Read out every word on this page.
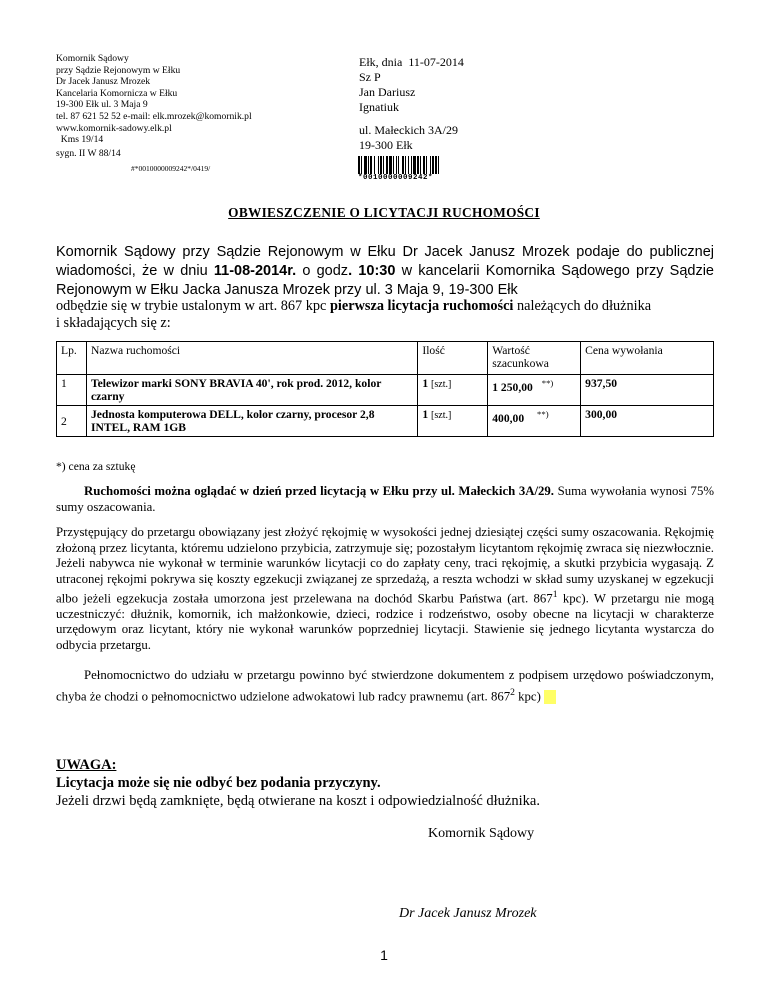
Komornik Sądowy
przy Sądzie Rejonowym w Ełku
Dr Jacek Janusz Mrozek
Kancelaria Komornicza w Ełku
19-300 Ełk ul. 3 Maja 9
tel. 87 621 52 52 e-mail: elk.mrozek@komornik.pl
www.komornik-sadowy.elk.pl
Kms 19/14
sygn. II W 88/14
#*0010000009242*/0419/
Ełk, dnia  11-07-2014
Sz P
Jan Dariusz
Ignatiuk
ul. Małeckich 3A/29
19-300 Ełk
*0010000009242*
OBWIESZCZENIE O LICYTACJI RUCHOMOŚCI
Komornik Sądowy przy Sądzie Rejonowym w Ełku Dr Jacek Janusz Mrozek podaje do publicznej wiadomości, że w dniu 11-08-2014r. o godz. 10:30 w kancelarii Komornika Sądowego przy Sądzie Rejonowym w Ełku Jacka Janusza Mrozek przy ul. 3 Maja 9, 19-300 Ełk
odbędzie się w trybie ustalonym w art. 867 kpc pierwsza licytacja ruchomości należących do dłużnika
i składających się z:
Lp.	Nazwa ruchomości	Ilość	Wartość szacunkowa	Cena wywołania
1	Telewizor marki SONY BRAVIA 40', rok prod. 2012, kolor czarny	1 [szt.]	1 250,00 **)	937,50
2	Jednosta komputerowa DELL, kolor czarny, procesor 2,8 INTEL, RAM 1GB	1 [szt.]	400,00 **)	300,00
*) cena za sztukę
Ruchomości można oglądać w dzień przed licytacją w Ełku przy ul. Małeckich 3A/29. Suma wywołania wynosi 75% sumy oszacowania.
Przystępujący do przetargu obowiązany jest złożyć rękojmię w wysokości jednej dziesiątej części sumy oszacowania. Rękojmię złożoną przez licytanta, któremu udzielono przybicia, zatrzymuje się; pozostałym licytantom rękojmię zwraca się niezwłocznie. Jeżeli nabywca nie wykonał w terminie warunków licytacji co do zapłaty ceny, traci rękojmię, a skutki przybicia wygasają. Z utraconej rękojmi pokrywa się koszty egzekucji związanej ze sprzedażą, a reszta wchodzi w skład sumy uzyskanej w egzekucji albo jeżeli egzekucja została umorzona jest przelewana na dochód Skarbu Państwa (art. $867^1$ kpc). W przetargu nie mogą uczestniczyć: dłużnik, komornik, ich małżonkowie, dzieci, rodzice i rodzeństwo, osoby obecne na licytacji w charakterze urzędowym oraz licytant, który nie wykonał warunków poprzedniej licytacji. Stawienie się jednego licytanta wystarcza do odbycia przetargu.
Pełnomocnictwo do udziału w przetargu powinno być stwierdzone dokumentem z podpisem urzędowo poświadczonym, chyba że chodzi o pełnomocnictwo udzielone adwokatowi lub radcy prawnemu (art. $867^2$ kpc)
UWAGA:
Licytacja może się nie odbyć bez podania przyczyny.
Jeżeli drzwi będą zamknięte, będą otwierane na koszt i odpowiedzialność dłużnika.
Komornik Sądowy
Dr Jacek Janusz Mrozek
1
